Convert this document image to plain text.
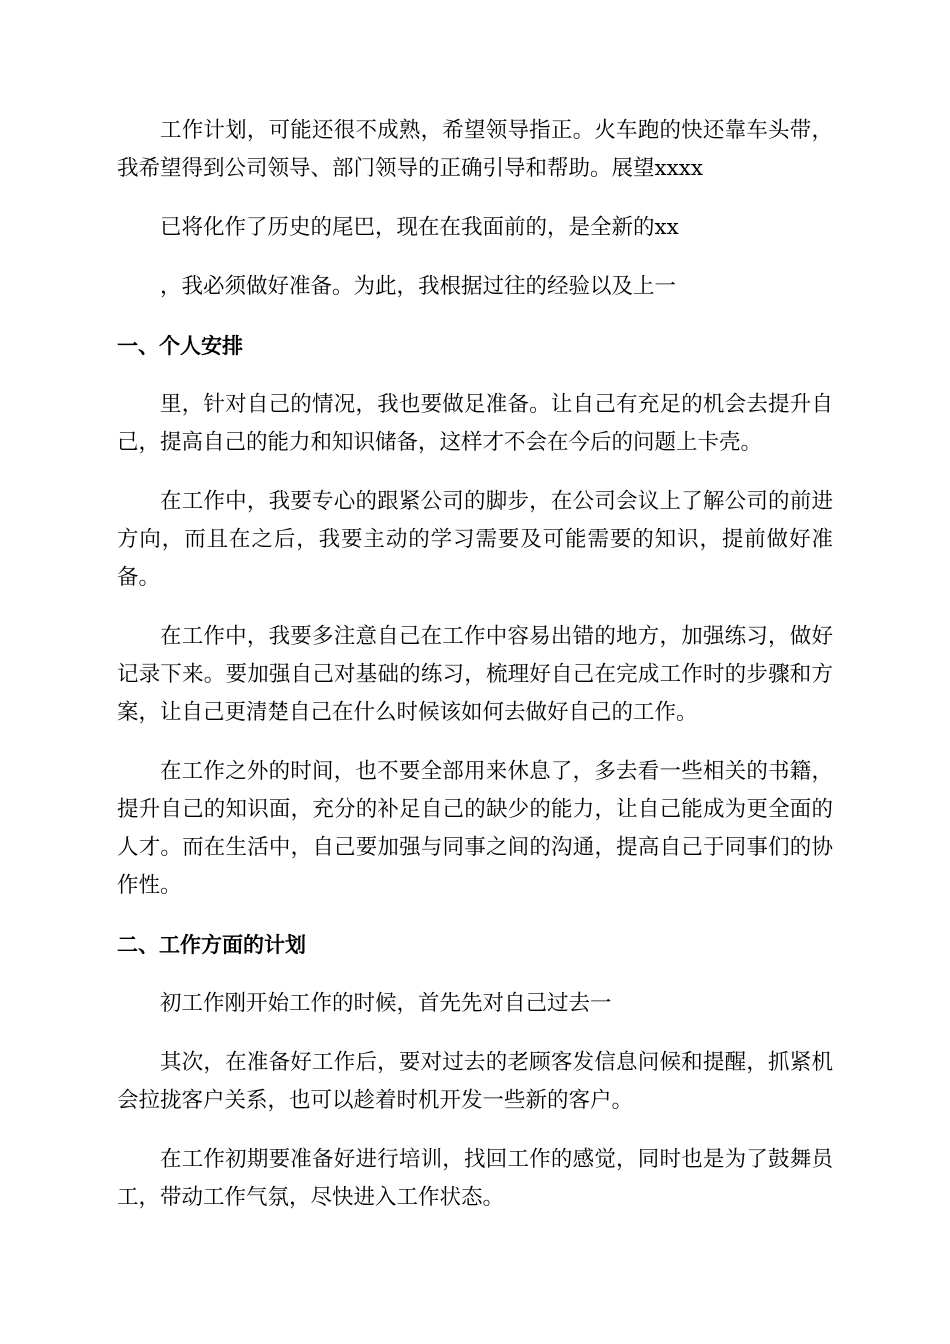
工作计划，可能还很不成熟，希望领导指正。火车跑的快还靠车头带，我希望得到公司领导、部门领导的正确引导和帮助。展望xxxx

已将化作了历史的尾巴，现在在我面前的，是全新的xx

，我必须做好准备。为此，我根据过往的经验以及上一

一、个人安排

里，针对自己的情况，我也要做足准备。让自己有充足的机会去提升自己，提高自己的能力和知识储备，这样才不会在今后的问题上卡壳。

在工作中，我要专心的跟紧公司的脚步，在公司会议上了解公司的前进方向，而且在之后，我要主动的学习需要及可能需要的知识，提前做好准备。

在工作中，我要多注意自己在工作中容易出错的地方，加强练习，做好记录下来。要加强自己对基础的练习，梳理好自己在完成工作时的步骤和方案，让自己更清楚自己在什么时候该如何去做好自己的工作。

在工作之外的时间，也不要全部用来休息了，多去看一些相关的书籍，提升自己的知识面，充分的补足自己的缺少的能力，让自己能成为更全面的人才。而在生活中，自己要加强与同事之间的沟通，提高自己于同事们的协作性。

二、工作方面的计划

初工作刚开始工作的时候，首先先对自己过去一

其次，在准备好工作后，要对过去的老顾客发信息问候和提醒，抓紧机会拉拢客户关系，也可以趁着时机开发一些新的客户。

在工作初期要准备好进行培训，找回工作的感觉，同时也是为了鼓舞员工，带动工作气氛，尽快进入工作状态。
